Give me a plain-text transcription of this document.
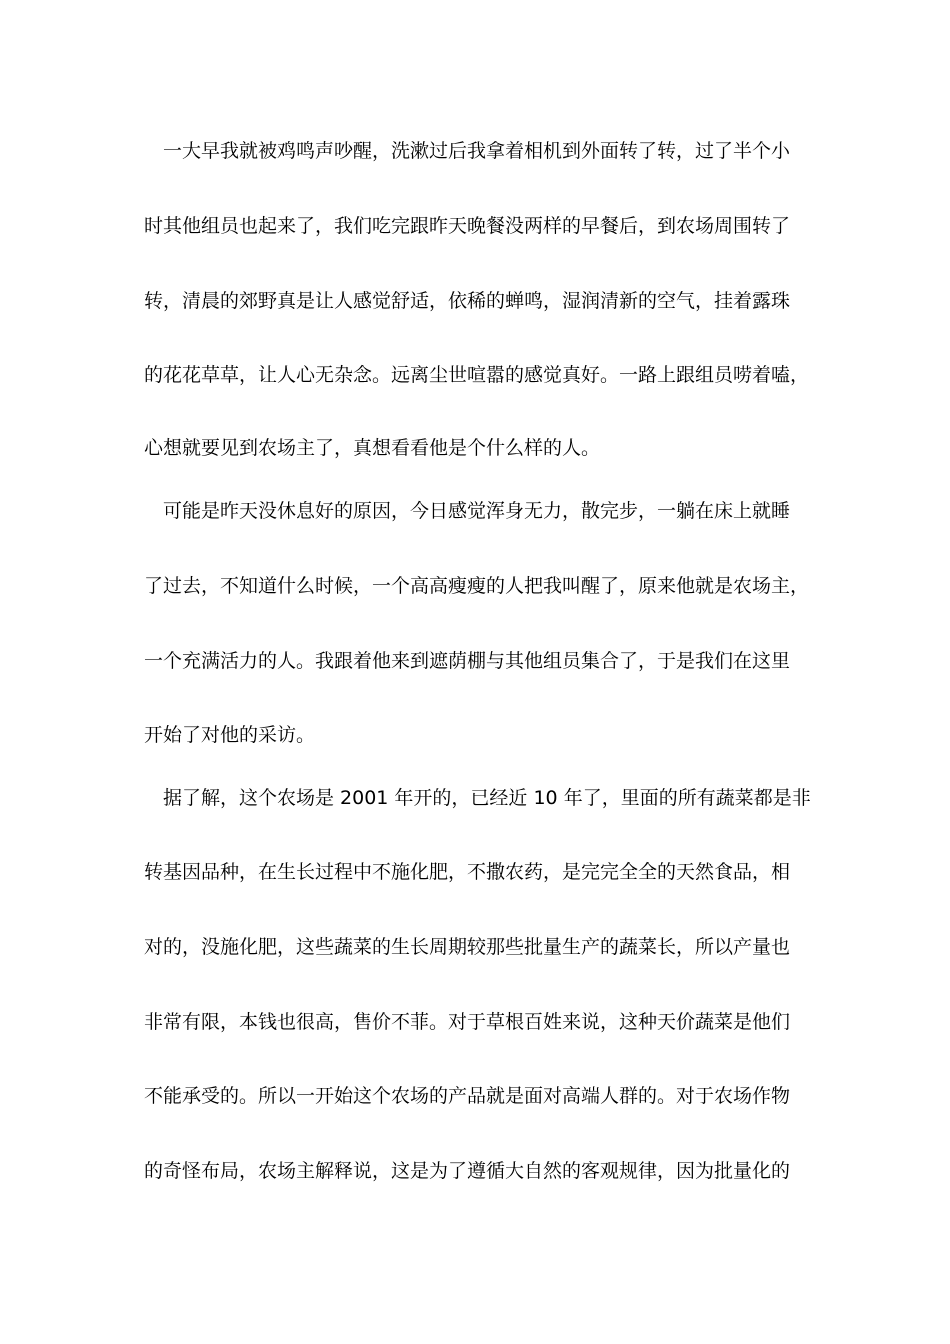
　一大早我就被鸡鸣声吵醒，洗漱过后我拿着相机到外面转了转，过了半个小
时其他组员也起来了，我们吃完跟昨天晚餐没两样的早餐后，到农场周围转了
转，清晨的郊野真是让人感觉舒适，依稀的蝉鸣，湿润清新的空气，挂着露珠
的花花草草，让人心无杂念。远离尘世喧嚣的感觉真好。一路上跟组员唠着嗑，
心想就要见到农场主了，真想看看他是个什么样的人。
　可能是昨天没休息好的原因，今日感觉浑身无力，散完步，一躺在床上就睡
了过去，不知道什么时候，一个高高瘦瘦的人把我叫醒了，原来他就是农场主，
一个充满活力的人。我跟着他来到遮荫棚与其他组员集合了，于是我们在这里
开始了对他的采访。
　据了解，这个农场是 2001 年开的，已经近 10 年了，里面的所有蔬菜都是非
转基因品种，在生长过程中不施化肥，不撒农药，是完完全全的天然食品，相
对的，没施化肥，这些蔬菜的生长周期较那些批量生产的蔬菜长，所以产量也
非常有限，本钱也很高，售价不菲。对于草根百姓来说，这种天价蔬菜是他们
不能承受的。所以一开始这个农场的产品就是面对高端人群的。对于农场作物
的奇怪布局，农场主解释说，这是为了遵循大自然的客观规律，因为批量化的
